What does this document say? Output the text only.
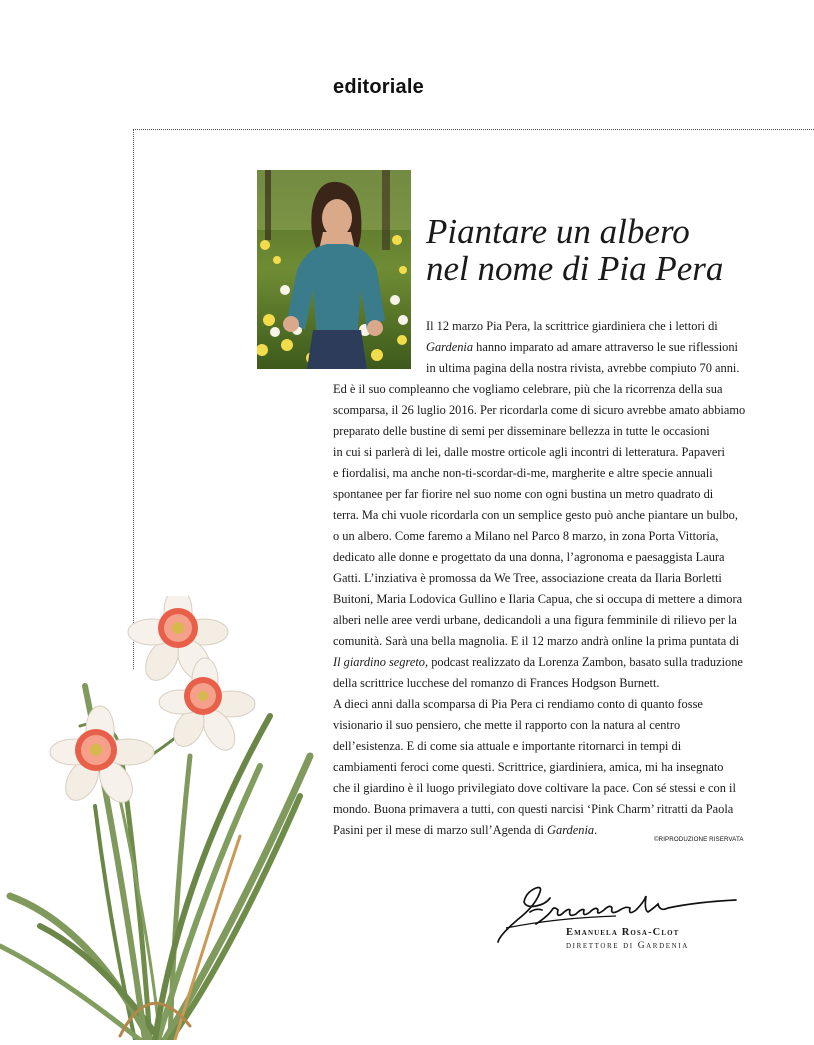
editoriale
Piantare un albero
nel nome di Pia Pera
Il 12 marzo Pia Pera, la scrittrice giardiniera che i lettori di
Gardenia hanno imparato ad amare attraverso le sue riflessioni
in ultima pagina della nostra rivista, avrebbe compiuto 70 anni.
Ed è il suo compleanno che vogliamo celebrare, più che la ricorrenza della sua
scomparsa, il 26 luglio 2016. Per ricordarla come di sicuro avrebbe amato abbiamo
preparato delle bustine di semi per disseminare bellezza in tutte le occasioni
in cui si parlerà di lei, dalle mostre orticole agli incontri di letteratura. Papaveri
e fiordalisi, ma anche non-ti-scordar-di-me, margherite e altre specie annuali
spontanee per far fiorire nel suo nome con ogni bustina un metro quadrato di
terra. Ma chi vuole ricordarla con un semplice gesto può anche piantare un bulbo,
o un albero. Come faremo a Milano nel Parco 8 marzo, in zona Porta Vittoria,
dedicato alle donne e progettato da una donna, l’agronoma e paesaggista Laura
Gatti. L’inziativa è promossa da We Tree, associazione creata da Ilaria Borletti
Buitoni, Maria Lodovica Gullino e Ilaria Capua, che si occupa di mettere a dimora
alberi nelle aree verdi urbane, dedicandoli a una figura femminile di rilievo per la
comunità. Sarà una bella magnolia. E il 12 marzo andrà online la prima puntata di
Il giardino segreto, podcast realizzato da Lorenza Zambon, basato sulla traduzione
della scrittrice lucchese del romanzo di Frances Hodgson Burnett.
A dieci anni dalla scomparsa di Pia Pera ci rendiamo conto di quanto fosse
visionario il suo pensiero, che mette il rapporto con la natura al centro
dell’esistenza. E di come sia attuale e importante ritornarci in tempi di
cambiamenti feroci come questi. Scrittrice, giardiniera, amica, mi ha insegnato
che il giardino è il luogo privilegiato dove coltivare la pace. Con sé stessi e con il
mondo. Buona primavera a tutti, con questi narcisi ‘Pink Charm’ ritratti da Paola
Pasini per il mese di marzo sull’Agenda di Gardenia.
©RIPRODUZIONE RISERVATA
Emanuela Rosa-Clot
direttore di Gardenia
